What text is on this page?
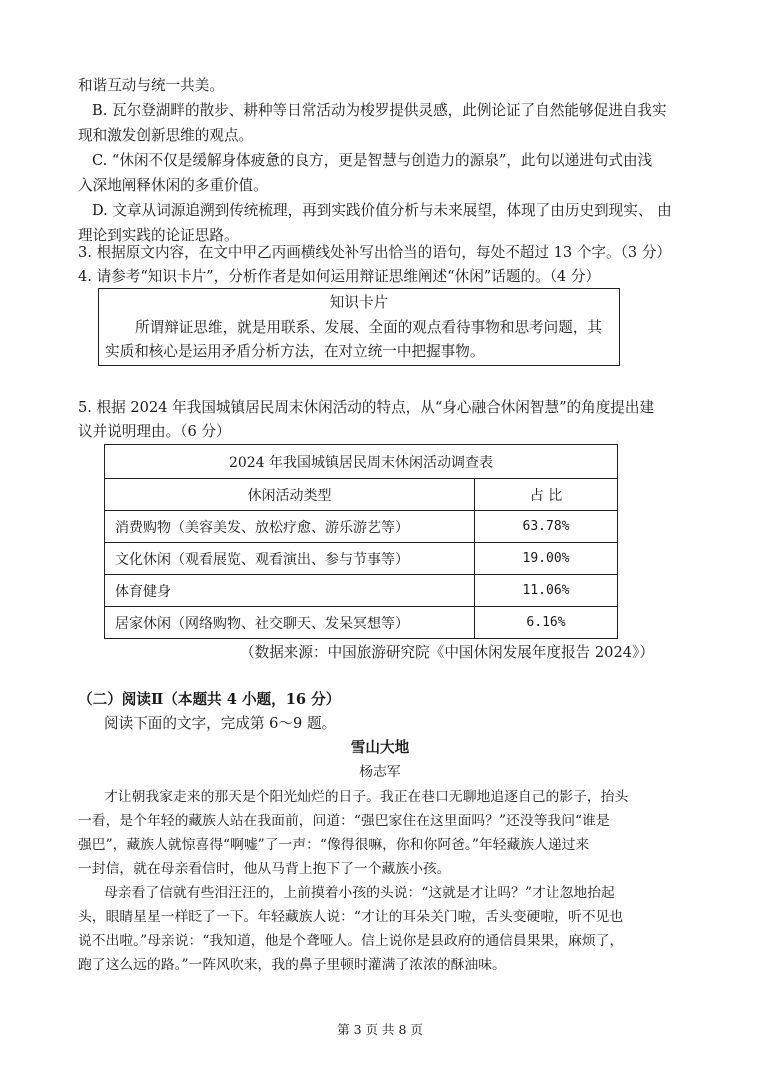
和谐互动与统一共美。
B. 瓦尔登湖畔的散步、耕种等日常活动为梭罗提供灵感，此例论证了自然能够促进自我实
现和激发创新思维的观点。
C. “休闲不仅是缓解身体疲惫的良方，更是智慧与创造力的源泉”，此句以递进句式由浅
入深地阐释休闲的多重价值。
D. 文章从词源追溯到传统梳理，再到实践价值分析与未来展望，体现了由历史到现实、 由
理论到实践的论证思路。
3. 根据原文内容，在文中甲乙丙画横线处补写出恰当的语句，每处不超过 13 个字。（3 分）
4. 请参考“知识卡片”，分析作者是如何运用辩证思维阐述“休闲”话题的。（4 分）
知识卡片
所谓辩证思维，就是用联系、发展、全面的观点看待事物和思考问题，其
实质和核心是运用矛盾分析方法，在对立统一中把握事物。
5. 根据 2024 年我国城镇居民周末休闲活动的特点，从“身心融合休闲智慧”的角度提出建
议并说明理由。（6 分）
2024 年我国城镇居民周末休闲活动调查表	
休闲活动类型	占 比
消费购物（美容美发、放松疗愈、游乐游艺等）	63.78%
文化休闲（观看展览、观看演出、参与节事等）	19.00%
体育健身	11.06%
居家休闲（网络购物、社交聊天、发呆冥想等）	6.16%
（数据来源：中国旅游研究院《中国休闲发展年度报告 2024》）
（二）阅读Ⅱ（本题共 4 小题，16 分）
阅读下面的文字，完成第 6～9 题。
雪山大地
杨志军
才让朝我家走来的那天是个阳光灿烂的日子。我正在巷口无聊地追逐自己的影子，抬头
一看，是个年轻的藏族人站在我面前，问道：“强巴家住在这里面吗？”还没等我问“谁是
强巴”，藏族人就惊喜得“啊嘘”了一声：“像得很嘛，你和你阿爸。”年轻藏族人递过来
一封信，就在母亲看信时，他从马背上抱下了一个藏族小孩。
母亲看了信就有些泪汪汪的，上前摸着小孩的头说：“这就是才让吗？”才让忽地抬起
头，眼睛星星一样眨了一下。年轻藏族人说：“才让的耳朵关门啦，舌头变硬啦，听不见也
说不出啦。”母亲说：“我知道，他是个聋哑人。信上说你是县政府的通信員果果，麻烦了，
跑了这么远的路。”一阵风吹来，我的鼻子里顿时灌满了浓浓的酥油味。
第 3 页 共 8 页
